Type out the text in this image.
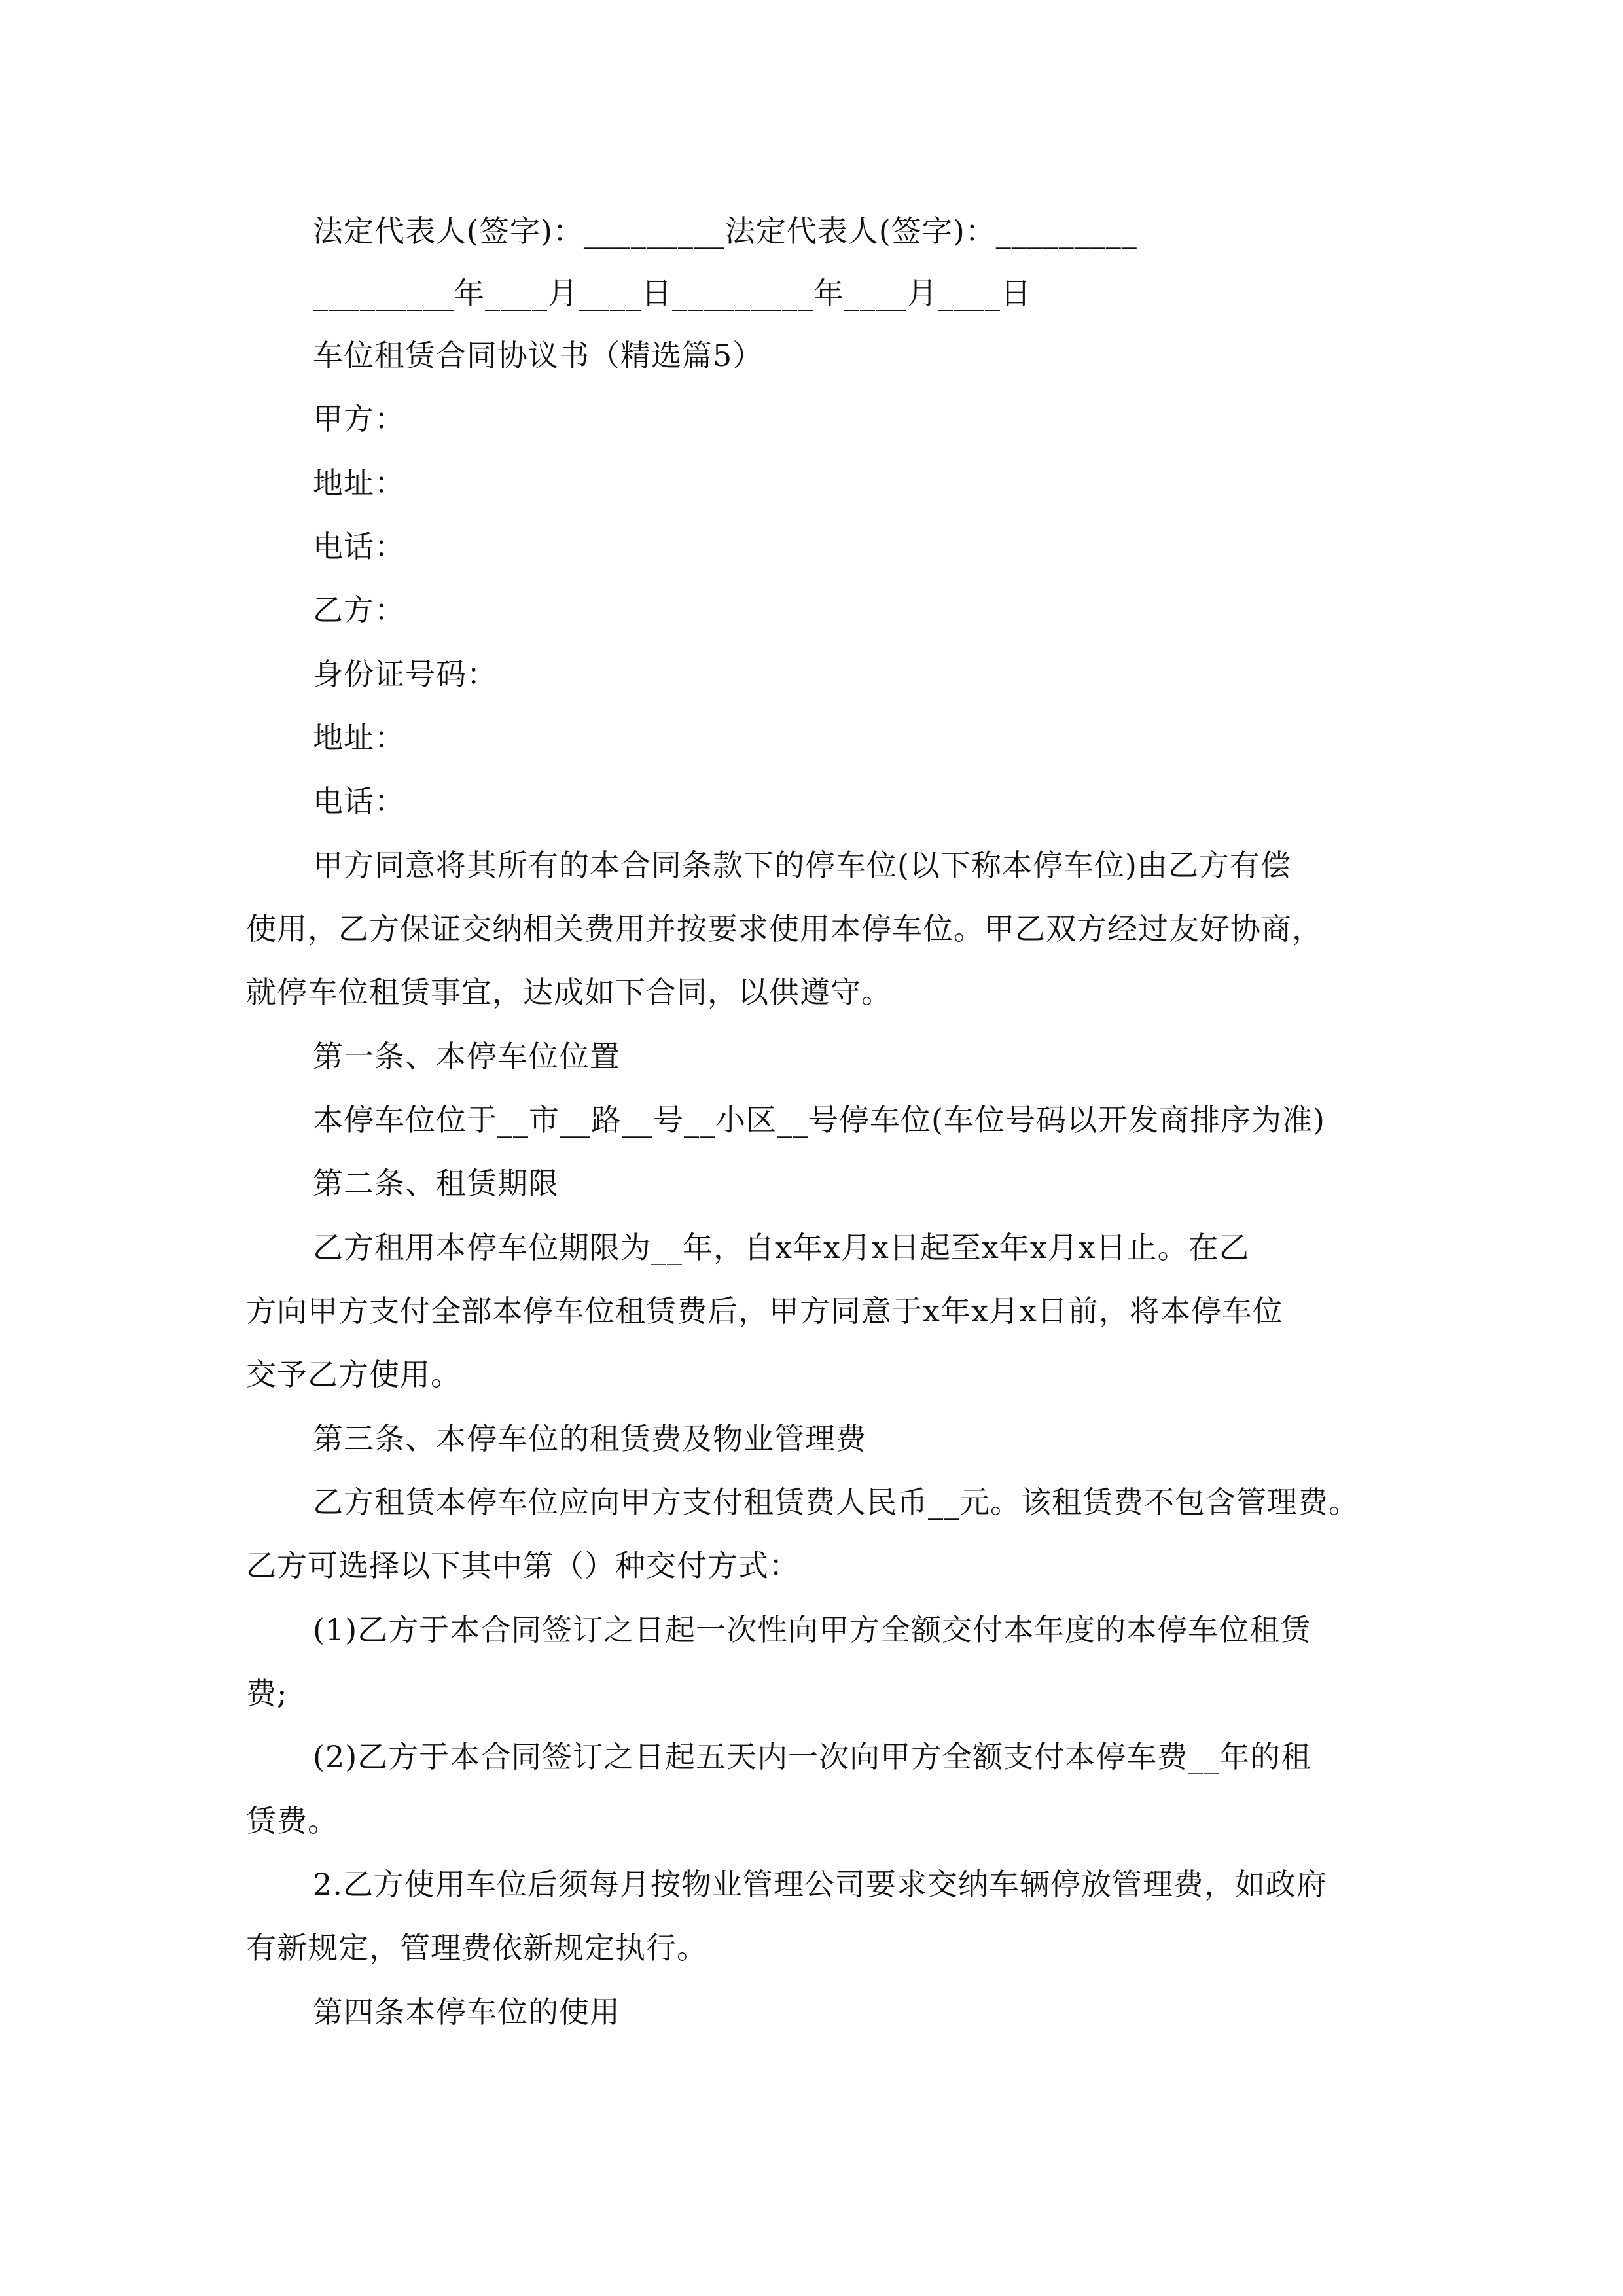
法定代表人(签字)：_________法定代表人(签字)：_________
_________年____月____日_________年____月____日
车位租赁合同协议书（精选篇5）
甲方：
地址：
电话：
乙方：
身份证号码：
地址：
电话：
甲方同意将其所有的本合同条款下的停车位(以下称本停车位)由乙方有偿
使用，乙方保证交纳相关费用并按要求使用本停车位。甲乙双方经过友好协商，
就停车位租赁事宜，达成如下合同，以供遵守。
第一条、本停车位位置
本停车位位于__市__路__号__小区__号停车位(车位号码以开发商排序为准)
第二条、租赁期限
乙方租用本停车位期限为__年，自x年x月x日起至x年x月x日止。在乙
方向甲方支付全部本停车位租赁费后，甲方同意于x年x月x日前，将本停车位
交予乙方使用。
第三条、本停车位的租赁费及物业管理费
乙方租赁本停车位应向甲方支付租赁费人民币__元。该租赁费不包含管理费。
乙方可选择以下其中第（）种交付方式：
(1)乙方于本合同签订之日起一次性向甲方全额交付本年度的本停车位租赁
费;
(2)乙方于本合同签订之日起五天内一次向甲方全额支付本停车费__年的租
赁费。
2.乙方使用车位后须每月按物业管理公司要求交纳车辆停放管理费，如政府
有新规定，管理费依新规定执行。
第四条本停车位的使用
